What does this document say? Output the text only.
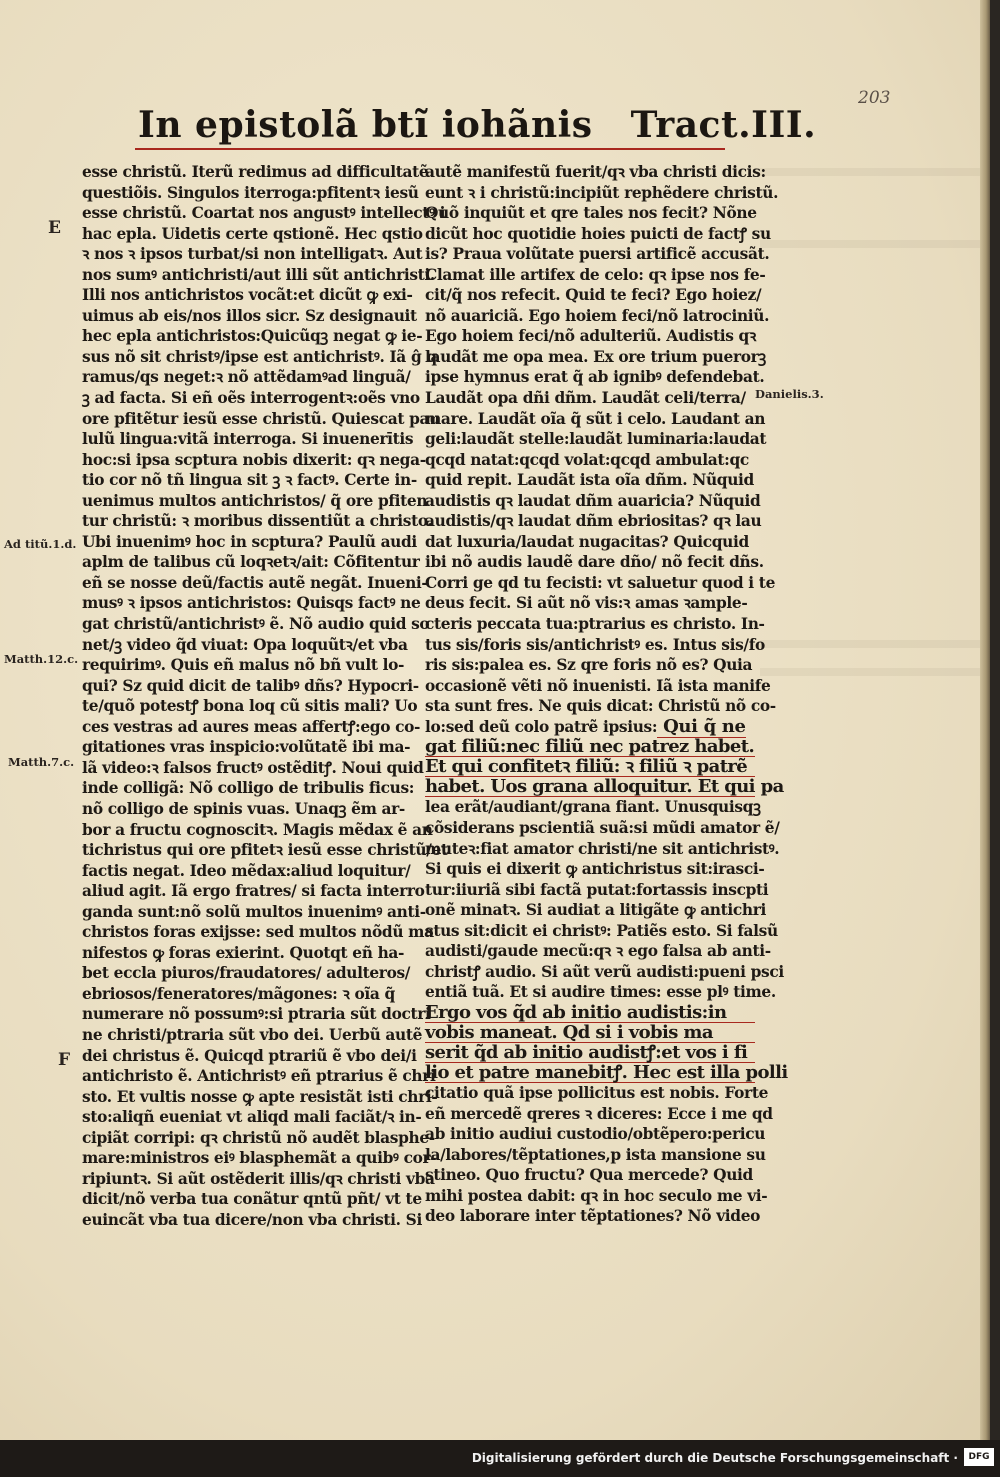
203
In epistolã btĩ iohãnis Tract.III.
E
F
Ad titũ.1.d.
Matth.12.c.
Matth.7.c.
Danielis.3.
esse christũ. Iterũ redimus ad difficultatẽ
questiõis. Singulos iterroga:pfitentꝛ iesũ
esse christũ. Coartat nos angustꝰ intellectꝰ i
hac epla. Uidetis certe qstionẽ. Hec qstio
ꝛ nos ꝛ ipsos turbat/si non intelligatꝛ. Aut
nos sumꝰ antichristi/aut illi sũt antichristi.
Illi nos antichristos vocãt:et dicũt ꝙ exi-
uimus ab eis/nos illos sicr. Sz designauit
hec epla antichristos:Quicũqꝫ negat ꝙ ie-
sus nõ sit christꝰ/ipse est antichristꝰ. Iã ĝ q
ramus/qs neget:ꝛ nõ attẽdamꝰad linguã/
ꝫ ad facta. Si eñ oẽs interrogentꝛ:oẽs vno
ore pfitẽtur iesũ esse christũ. Quiescat pau
lulũ lingua:vitã interroga. Si inuenerītis
hoc:si ipsa scptura nobis dixerit: qꝛ nega-
tio cor nõ tñ lingua sit ꝫ ꝛ factꝰ. Certe in-
uenimus multos antichristos/ q̃ ore pfiten
tur christũ: ꝛ moribus dissentiũt a christo.
Ubi inuenimꝰ hoc in scptura? Paulũ audi
aplm de talibus cũ loqꝛetꝛ/ait: Cõfitentur
eñ se nosse deũ/factis autẽ negãt. Inueni-
musꝰ ꝛ ipsos antichristos: Quisqs factꝰ ne
gat christũ/antichristꝰ ẽ. Nõ audio quid so
net/ꝫ video q̃d viuat: Opa loquũtꝛ/et vba
requirimꝰ. Quis eñ malus nõ bñ vult lo-
qui? Sz quid dicit de talibꝰ dñs? Hypocri-
te/quõ potestꝭ bona loq cũ sitis mali? Uo
ces vestras ad aures meas affertꝭ:ego co-
gitationes vras inspicio:volũtatẽ ibi ma-
lã video:ꝛ falsos fructꝰ ostẽditꝭ. Noui quid
inde colligã: Nõ colligo de tribulis ficus:
nõ colligo de spinis vuas. Unaqꝫ ẽm ar-
bor a fructu cognoscitꝛ. Magis mẽdax ẽ an
tichristus qui ore pfitetꝛ iesũ esse christũ/et
factis negat. Ideo mẽdax:aliud loquitur/
aliud agit. Iã ergo fratres/ si facta interro
ganda sunt:nõ solũ multos inuenimꝰ anti-
christos foras exijsse: sed multos nõdũ ma
nifestos ꝙ foras exierint. Quotqt eñ ha-
bet eccla piuros/fraudatores/ adulteros/
ebriosos/feneratores/mãgones: ꝛ oĩa q̃
numerare nõ possumꝰ:si ptraria sũt doctri
ne christi/ptraria sũt vbo dei. Uerbũ autẽ
dei christus ẽ. Quicqd ptrariũ ẽ vbo dei/i
antichristo ẽ. Antichristꝰ eñ ptrarius ẽ chri
sto. Et vultis nosse ꝙ apte resistãt isti chri-
sto:aliqñ eueniat vt aliqd mali faciãt/ꝛ in-
cipiãt corripi: qꝛ christũ nõ audẽt blasphe-
mare:ministros eiꝰ blasphemãt a quibꝰ cor-
ripiuntꝛ. Si aũt ostẽderit illis/qꝛ christi vba
dicit/nõ verba tua conãtur qntũ pñt/ vt te
euincãt vba tua dicere/non vba christi. Si
autẽ manifestũ fuerit/qꝛ vba christi dicis:
eunt ꝛ i christũ:incipiũt rephẽdere christũ.
Quõ inquiũt et qre tales nos fecit? Nõne
dicũt hoc quotidie hoies puicti de factꝭ su
is? Praua volũtate puersi artificẽ accusãt.
Clamat ille artifex de celo: qꝛ ipse nos fe-
cit/q̃ nos refecit. Quid te feci? Ego hoiez/
nõ auariciã. Ego hoiem feci/nõ latrociniũ.
Ego hoiem feci/nõ adulteriũ. Audistis qꝛ
laudãt me opa mea. Ex ore trium puerorꝫ
ipse hymnus erat q̃ ab ignibꝰ defendebat.
Laudãt opa dñi dñm. Laudãt celi/terra/
mare. Laudãt oĩa q̃ sũt i celo. Laudant an
geli:laudãt stelle:laudãt luminaria:laudat
qcqd natat:qcqd volat:qcqd ambulat:qc
quid repit. Laudãt ista oĩa dñm. Nũquid
audistis qꝛ laudat dñm auaricia? Nũquid
audistis/qꝛ laudat dñm ebriositas? qꝛ lau
dat luxuria/laudat nugacitas? Quicquid
ibi nõ audis laudẽ dare dño/ nõ fecit dñs.
Corri ge qd tu fecisti: vt saluetur quod i te
deus fecit. Si aũt nõ vis:ꝛ amas ꝛample-
cteris peccata tua:ptrarius es christo. In-
tus sis/foris sis/antichristꝰ es. Intus sis/fo
ris sis:palea es. Sz qre foris nõ es? Quia
occasionẽ vẽti nõ inuenisti. Iã ista manife
sta sunt fres. Ne quis dicat: Christũ nõ co-
lo:sed deũ colo patrẽ ipsius: Qui q̃ ne
gat filiũ:nec filiũ nec patrez habet.
Et qui confitetꝛ filiũ: ꝛ filiũ ꝛ patrẽ
habet. Uos grana alloquitur. Et qui pa
lea erãt/audiant/grana fiant. Unusquisqꝫ
cõsiderans pscientiã suã:si mũdi amator ẽ/
muteꝛ:fiat amator christi/ne sit antichristꝰ.
Si quis ei dixerit ꝙ antichristus sit:irasci-
tur:iiuriã sibi factã putat:fortassis inscpti
onẽ minatꝛ. Si audiat a litigãte ꝙ antichri
stus sit:dicit ei christꝰ: Patiẽs esto. Si falsũ
audisti/gaude mecũ:qꝛ ꝛ ego falsa ab anti-
christꝭ audio. Si aũt verũ audisti:pueni psci
entiã tuã. Et si audire times: esse plꝰ time.
Ergo vos q̃d ab initio audistis:in
vobis maneat. Qd si i vobis ma
serit q̃d ab initio audistꝭ:et vos i fi
lio et patre manebitꝭ. Hec est illa polli
citatio quã ipse pollicitus est nobis. Forte
eñ mercedẽ qreres ꝛ diceres: Ecce i me qd
ab initio audiui custodio/obtẽpero:pericu
la/labores/tẽptationes,p ista mansione su
stineo. Quo fructu? Qua mercede? Quid
mihi postea dabit: qꝛ in hoc seculo me vi-
deo laborare inter tẽptationes? Nõ video
Digitalisierung gefördert durch die Deutsche Forschungsgemeinschaft ·	DFG
